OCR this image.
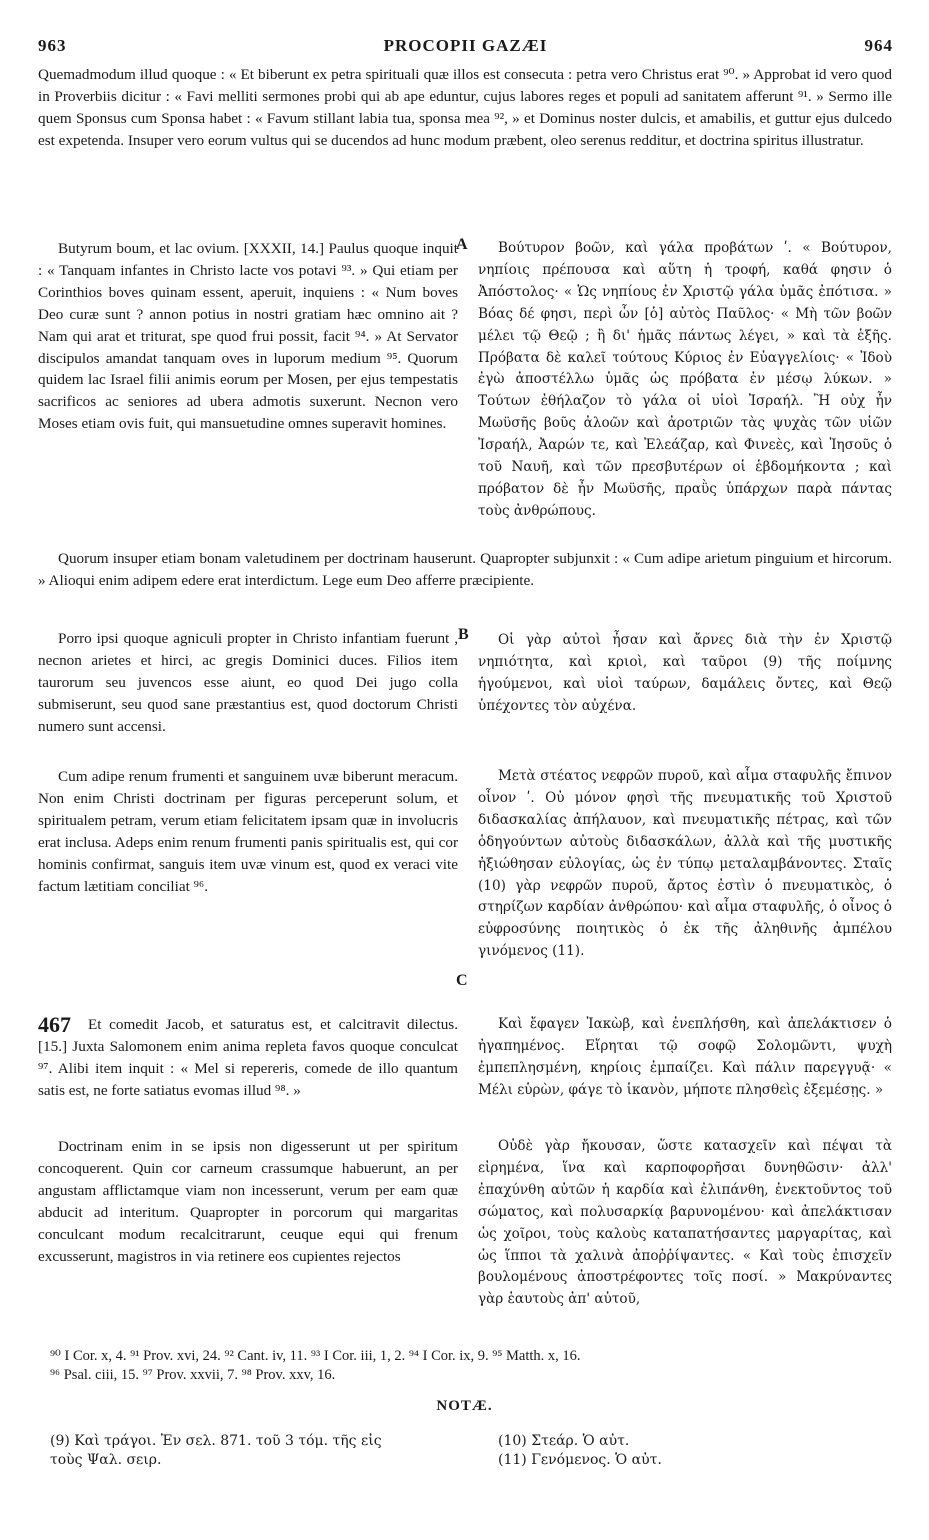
963	PROCOPII GAZÆI	964

Quemadmodum illud quoque : « Et biberunt ex petra spirituali quæ illos est consecuta : petra vero Christus erat ⁹⁰. » Approbat id vero quod in Proverbiis dicitur : « Favi melliti sermones probi qui ab ape eduntur, cujus labores reges et populi ad sanitatem afferunt ⁹¹. » Sermo ille quem Sponsus cum Sponsa habet : « Favum stillant labia tua, sponsa mea ⁹², » et Dominus noster dulcis, et amabilis, et guttur ejus dulcedo est expetenda. Insuper vero eorum vultus qui se ducendos ad hunc modum præbent, oleo serenus redditur, et doctrina spiritus illustratur.

Butyrum boum, et lac ovium. [XXXII, 14.] Paulus quoque inquit : « Tanquam infantes in Christo lacte vos potavi ⁹³. » Qui etiam per Corinthios boves quinam essent, aperuit, inquiens : « Num boves Deo curæ sunt ? annon potius in nostri gratiam hæc omnino ait ? Nam qui arat et triturat, spe quod frui possit, facit ⁹⁴. » At Servator discipulos amandat tanquam oves in luporum medium ⁹⁵. Quorum quidem lac Israel filii animis eorum per Mosen, per ejus tempestatis sacrificos ac seniores ad ubera admotis suxerunt. Necnon vero Moses etiam ovis fuit, qui mansuetudine omnes superavit homines.

A	Βούτυρον βοῶν, καὶ γάλα προβάτων ʹ. « Βούτυρον, νηπίοις πρέπουσα καὶ αὕτη ἡ τροφή, καθά φησιν ὁ Ἀπόστολος· « Ὡς νηπίους ἐν Χριστῷ γάλα ὑμᾶς ἐπότισα. » Βόας δέ φησι, περὶ ὧν [ὁ] αὐτὸς Παῦλος· « Μὴ τῶν βοῶν μέλει τῷ Θεῷ ; ἢ δι' ἡμᾶς πάντως λέγει, » καὶ τὰ ἑξῆς. Πρόβατα δὲ καλεῖ τούτους Κύριος ἐν Εὐαγγελίοις· « Ἰδοὺ ἐγὼ ἀποστέλλω ὑμᾶς ὡς πρόβατα ἐν μέσῳ λύκων. » Τούτων ἐθήλαζον τὸ γάλα οἱ υἱοὶ Ἰσραήλ. Ἢ οὐχ ἦν Μωϋσῆς βοῦς ἀλοῶν καὶ ἀροτριῶν τὰς ψυχὰς τῶν υἱῶν Ἰσραήλ, Ἀαρών τε, καὶ Ἐλεάζαρ, καὶ Φινεὲς, καὶ Ἰησοῦς ὁ τοῦ Ναυῆ, καὶ τῶν πρεσβυτέρων οἱ ἑβδομήκοντα ; καὶ πρόβατον δὲ ἦν Μωϋσῆς, πραῢς ὑπάρχων παρὰ πάντας τοὺς ἀνθρώπους.

Quorum insuper etiam bonam valetudinem per doctrinam hauserunt. Quapropter subjunxit : « Cum adipe arietum pinguium et hircorum. » Alioqui enim adipem edere erat interdictum. Lege eum Deo afferre præcipiente.

Porro ipsi quoque agniculi propter in Christo infantiam fuerunt , necnon arietes et hirci, ac gregis Dominici duces. Filios item taurorum seu juvencos esse aiunt, eo quod Dei jugo colla submiserunt, seu quod sane præstantius est, quod doctorum Christi numero sunt accensi.

B	Οἱ γὰρ αὐτοὶ ἦσαν καὶ ἄρνες διὰ τὴν ἐν Χριστῷ νηπιότητα, καὶ κριοὶ, καὶ ταῦροι (9) τῆς ποίμνης ἡγούμενοι, καὶ υἱοὶ ταύρων, δαμάλεις ὄντες, καὶ Θεῷ ὑπέχοντες τὸν αὐχένα.

Cum adipe renum frumenti et sanguinem uvæ biberunt meracum. Non enim Christi doctrinam per figuras perceperunt solum, et spiritualem petram, verum etiam felicitatem ipsam quæ in involucris erat inclusa. Adeps enim renum frumenti panis spiritualis est, qui cor hominis confirmat, sanguis item uvæ vinum est, quod ex veraci vite factum lætitiam conciliat ⁹⁶.

Μετὰ στέατος νεφρῶν πυροῦ, καὶ αἷμα σταφυλῆς ἔπινον οἶνον ʹ. Οὐ μόνον φησὶ τῆς πνευματικῆς τοῦ Χριστοῦ διδασκαλίας ἀπήλαυον, καὶ πνευματικῆς πέτρας, καὶ τῶν ὁδηγούντων αὐτοὺς διδασκάλων, ἀλλὰ καὶ τῆς μυστικῆς ἠξιώθησαν εὐλογίας, ὡς ἐν τύπῳ μεταλαμβάνοντες. Σταῖς (10) γὰρ νεφρῶν πυροῦ, ἄρτος ἐστὶν ὁ πνευματικὸς, ὁ στηρίζων καρδίαν ἀνθρώπου· καὶ αἷμα σταφυλῆς, ὁ οἶνος ὁ εὐφροσύνης ποιητικὸς ὁ ἐκ τῆς ἀληθινῆς ἀμπέλου γινόμενος (11).

C
467	Et comedit Jacob, et saturatus est, et calcitravit dilectus. [15.] Juxta Salomonem enim anima repleta favos quoque conculcat ⁹⁷. Alibi item inquit : « Mel si repereris, comede de illo quantum satis est, ne forte satiatus evomas illud ⁹⁸. »

Καὶ ἔφαγεν Ἰακὼβ, καὶ ἐνεπλήσθη, καὶ ἀπελάκτισεν ὁ ἠγαπημένος. Εἴρηται τῷ σοφῷ Σολομῶντι, ψυχὴ ἐμπεπλησμένη, κηρίοις ἐμπαίζει. Καὶ πάλιν παρεγγυᾷ· « Μέλι εὑρὼν, φάγε τὸ ἱκανὸν, μήποτε πλησθεὶς ἐξεμέσῃς. »

Doctrinam enim in se ipsis non digesserunt ut per spiritum concoquerent. Quin cor carneum crassumque habuerunt, an per angustam afflictamque viam non incesserunt, verum per eam quæ abducit ad interitum. Quapropter in porcorum qui margaritas conculcant modum recalcitrarunt, ceuque equi qui frenum excusserunt, magistros in via retinere eos cupientes rejectos

Οὐδὲ γὰρ ἤκουσαν, ὥστε κατασχεῖν καὶ πέψαι τὰ εἰρημένα, ἵνα καὶ καρποφορῆσαι δυνηθῶσιν· ἀλλ' ἐπαχύνθη αὐτῶν ἡ καρδία καὶ ἐλιπάνθη, ἐνεκτοῦντος τοῦ σώματος, καὶ πολυσαρκίᾳ βαρυνομένου· καὶ ἀπελάκτισαν ὡς χοῖροι, τοὺς καλοὺς καταπατήσαντες μαργαρίτας, καὶ ὡς ἵπποι τὰ χαλινὰ ἀποῤῥίψαντες. « Καὶ τοὺς ἐπισχεῖν βουλομένους ἀποστρέφοντες τοῖς ποσί. » Μακρύναντες γὰρ ἑαυτοὺς ἀπ' αὐτοῦ,

⁹⁰ I Cor. x, 4. ⁹¹ Prov. xvi, 24. ⁹² Cant. iv, 11. ⁹³ I Cor. iii, 1, 2. ⁹⁴ I Cor. ix, 9. ⁹⁵ Matth. x, 16.
⁹⁶ Psal. ciii, 15. ⁹⁷ Prov. xxvii, 7. ⁹⁸ Prov. xxv, 16.
NOTÆ.
(9) Καὶ τράγοι. Ἐν σελ. 871. τοῦ 3 τόμ. τῆς εἰς
τοὺς Ψαλ. σειρ.
(10) Στεάρ. Ὁ αὐτ.
(11) Γενόμενος. Ὁ αὐτ.
